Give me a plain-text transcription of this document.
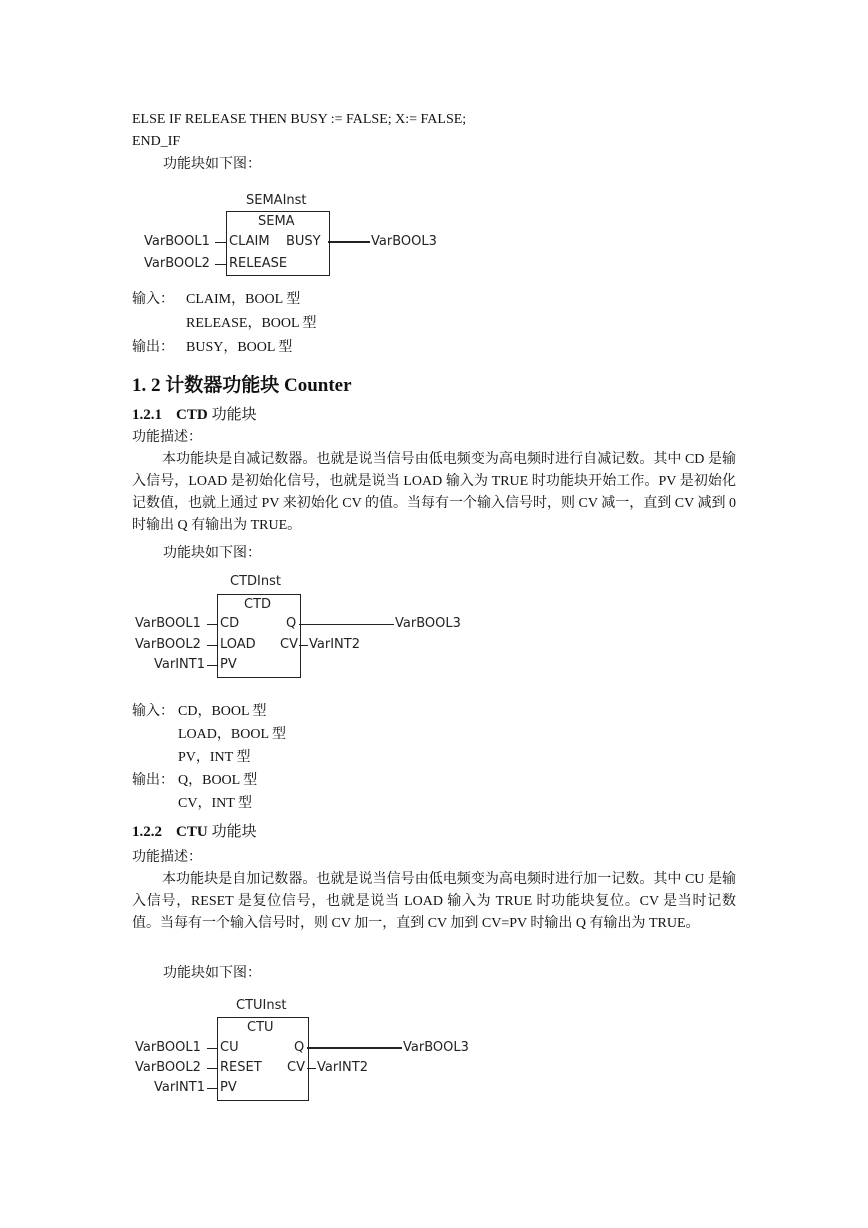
ELSE IF RELEASE THEN BUSY := FALSE; X:= FALSE;
END_IF
功能块如下图：
SEMAInst
SEMA
VarBOOL1 CLAIM
VarBOOL2 RELEASE
BUSY	VarBOOL3
输入： CLAIM，BOOL 型
RELEASE，BOOL 型
输出： BUSY，BOOL 型
1. 2 计数器功能块 Counter
1.2.1 CTD 功能块
功能描述：
本功能块是自减记数器。也就是说当信号由低电频变为高电频时进行自减记数。其中 CD 是输入信号，LOAD 是初始化信号，也就是说当 LOAD 输入为 TRUE 时功能块开始工作。PV 是初始化记数值，也就上通过 PV 来初始化 CV 的值。当每有一个输入信号时，则 CV 减一，直到 CV 减到 0 时输出 Q 有输出为 TRUE。
功能块如下图：
CTDInst
CTD
VarBOOL1 CD
VarBOOL2 LOAD
VarINT1 PV
Q	VarBOOL3
CV VarINT2
输入： CD，BOOL 型
LOAD，BOOL 型
PV，INT 型
输出： Q，BOOL 型
CV，INT 型
1.2.2 CTU 功能块
功能描述：
本功能块是自加记数器。也就是说当信号由低电频变为高电频时进行加一记数。其中 CU 是输入信号，RESET 是复位信号，也就是说当 LOAD 输入为 TRUE 时功能块复位。CV 是当时记数值。当每有一个输入信号时，则 CV 加一，直到 CV 加到 CV=PV 时输出 Q 有输出为 TRUE。
功能块如下图：
CTUInst
CTU
VarBOOL1 CU
VarBOOL2 RESET
VarINT1 PV
Q	VarBOOL3
CV VarINT2
